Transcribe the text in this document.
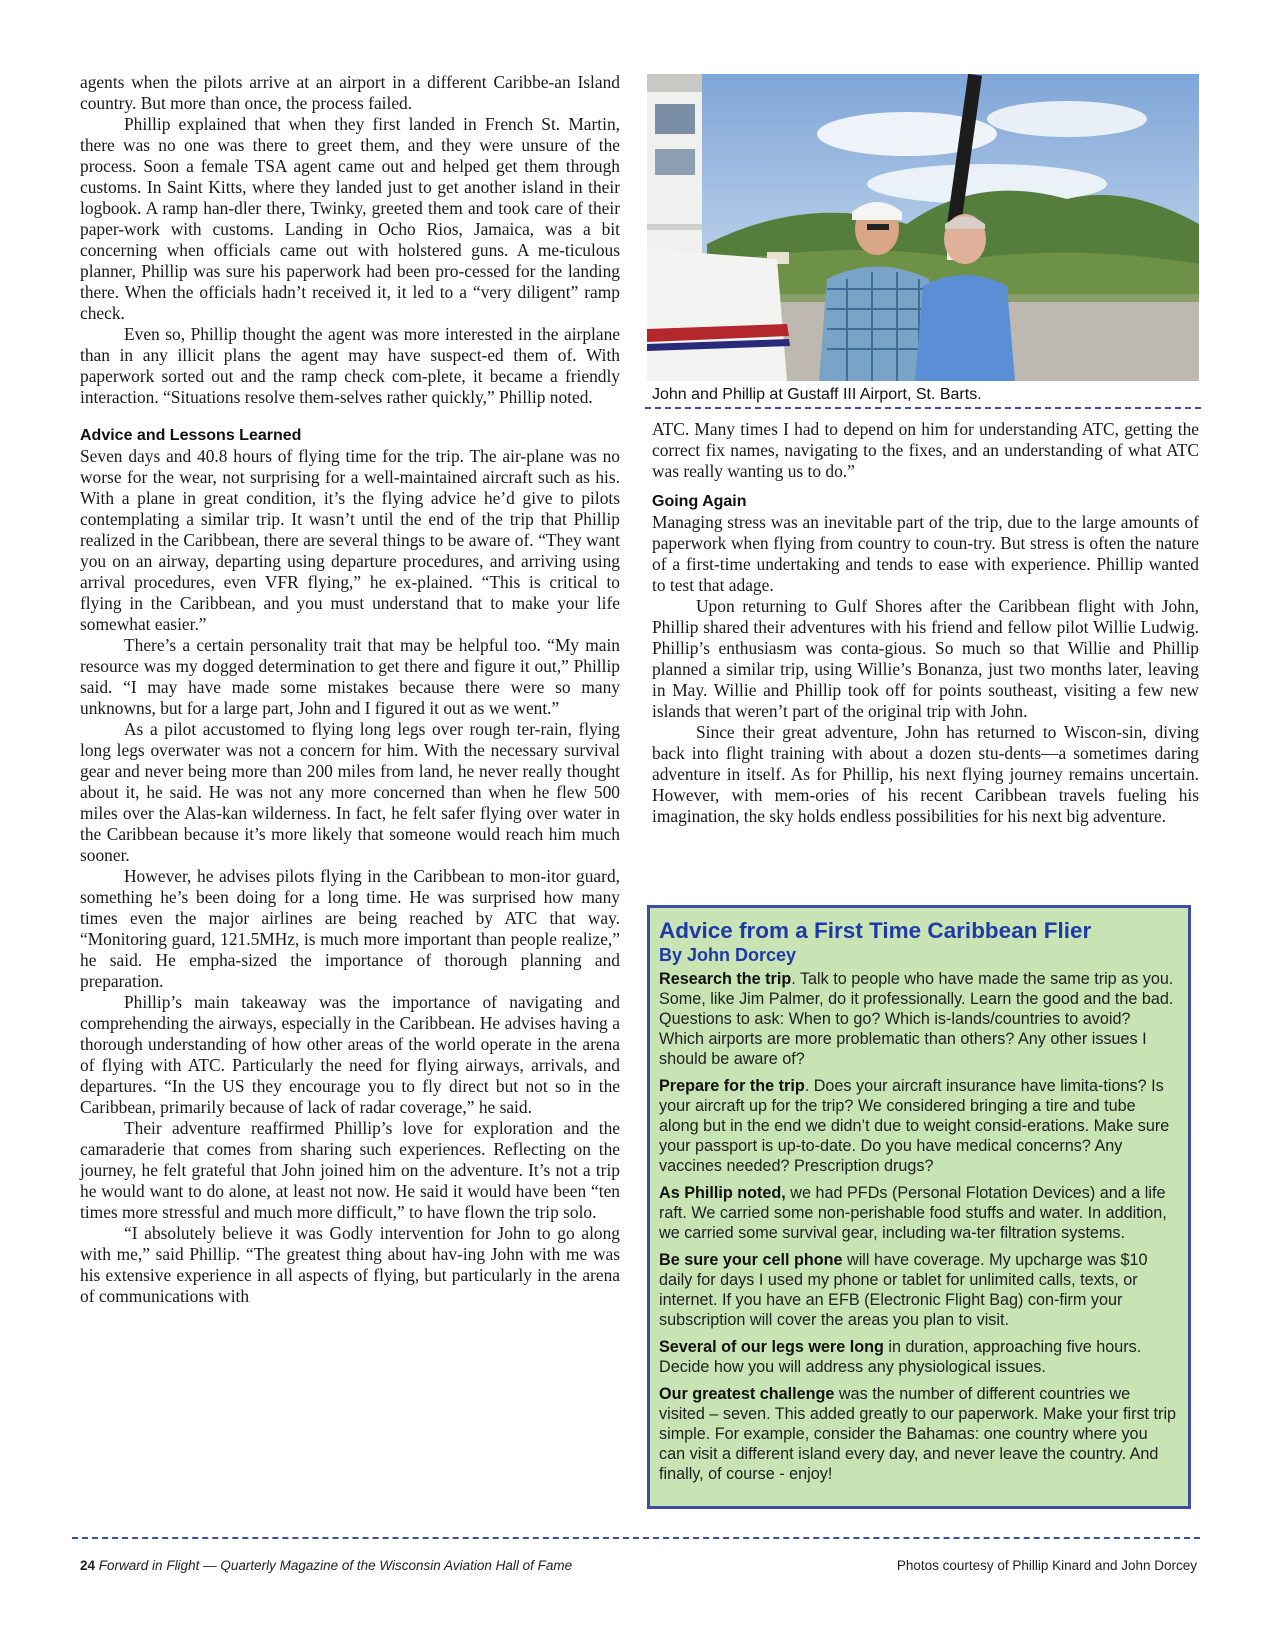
agents when the pilots arrive at an airport in a different Caribbe-an Island country. But more than once, the process failed.

Phillip explained that when they first landed in French St. Martin, there was no one was there to greet them, and they were unsure of the process. Soon a female TSA agent came out and helped get them through customs. In Saint Kitts, where they landed just to get another island in their logbook. A ramp han-dler there, Twinky, greeted them and took care of their paper-work with customs. Landing in Ocho Rios, Jamaica, was a bit concerning when officials came out with holstered guns. A me-ticulous planner, Phillip was sure his paperwork had been pro-cessed for the landing there. When the officials hadn’t received it, it led to a “very diligent” ramp check.

Even so, Phillip thought the agent was more interested in the airplane than in any illicit plans the agent may have suspect-ed them of. With paperwork sorted out and the ramp check com-plete, it became a friendly interaction. “Situations resolve them-selves rather quickly,” Phillip noted.

Advice and Lessons Learned

Seven days and 40.8 hours of flying time for the trip. The air-plane was no worse for the wear, not surprising for a well-maintained aircraft such as his. With a plane in great condition, it’s the flying advice he’d give to pilots contemplating a similar trip. It wasn’t until the end of the trip that Phillip realized in the Caribbean, there are several things to be aware of. “They want you on an airway, departing using departure procedures, and arriving using arrival procedures, even VFR flying,” he ex-plained. “This is critical to flying in the Caribbean, and you must understand that to make your life somewhat easier.”

There’s a certain personality trait that may be helpful too. “My main resource was my dogged determination to get there and figure it out,” Phillip said. “I may have made some mistakes because there were so many unknowns, but for a large part, John and I figured it out as we went.”

As a pilot accustomed to flying long legs over rough ter-rain, flying long legs overwater was not a concern for him. With the necessary survival gear and never being more than 200 miles from land, he never really thought about it, he said. He was not any more concerned than when he flew 500 miles over the Alas-kan wilderness. In fact, he felt safer flying over water in the Caribbean because it’s more likely that someone would reach him much sooner.

However, he advises pilots flying in the Caribbean to mon-itor guard, something he’s been doing for a long time. He was surprised how many times even the major airlines are being reached by ATC that way. “Monitoring guard, 121.5MHz, is much more important than people realize,” he said. He empha-sized the importance of thorough planning and preparation.

Phillip’s main takeaway was the importance of navigating and comprehending the airways, especially in the Caribbean. He advises having a thorough understanding of how other areas of the world operate in the arena of flying with ATC. Particularly the need for flying airways, arrivals, and departures. “In the US they encourage you to fly direct but not so in the Caribbean, primarily because of lack of radar coverage,” he said.

Their adventure reaffirmed Phillip’s love for exploration and the camaraderie that comes from sharing such experiences. Reflecting on the journey, he felt grateful that John joined him on the adventure. It’s not a trip he would want to do alone, at least not now. He said it would have been “ten times more stressful and much more difficult,” to have flown the trip solo.

“I absolutely believe it was Godly intervention for John to go along with me,” said Phillip. “The greatest thing about hav-ing John with me was his extensive experience in all aspects of flying, but particularly in the arena of communications with

John and Phillip at Gustaff III Airport, St. Barts.

ATC. Many times I had to depend on him for understanding ATC, getting the correct fix names, navigating to the fixes, and an understanding of what ATC was really wanting us to do.”

Going Again

Managing stress was an inevitable part of the trip, due to the large amounts of paperwork when flying from country to coun-try. But stress is often the nature of a first-time undertaking and tends to ease with experience. Phillip wanted to test that adage.

Upon returning to Gulf Shores after the Caribbean flight with John, Phillip shared their adventures with his friend and fellow pilot Willie Ludwig. Phillip’s enthusiasm was conta-gious. So much so that Willie and Phillip planned a similar trip, using Willie’s Bonanza, just two months later, leaving in May. Willie and Phillip took off for points southeast, visiting a few new islands that weren’t part of the original trip with John.

Since their great adventure, John has returned to Wiscon-sin, diving back into flight training with about a dozen stu-dents—a sometimes daring adventure in itself. As for Phillip, his next flying journey remains uncertain. However, with mem-ories of his recent Caribbean travels fueling his imagination, the sky holds endless possibilities for his next big adventure.

Advice from a First Time Caribbean Flier
By John Dorcey

Research the trip. Talk to people who have made the same trip as you. Some, like Jim Palmer, do it professionally. Learn the good and the bad. Questions to ask: When to go? Which is-lands/countries to avoid? Which airports are more problematic than others? Any other issues I should be aware of?

Prepare for the trip. Does your aircraft insurance have limita-tions? Is your aircraft up for the trip? We considered bringing a tire and tube along but in the end we didn’t due to weight consid-erations. Make sure your passport is up-to-date. Do you have medical concerns? Any vaccines needed? Prescription drugs?

As Phillip noted, we had PFDs (Personal Flotation Devices) and a life raft. We carried some non-perishable food stuffs and water. In addition, we carried some survival gear, including wa-ter filtration systems.

Be sure your cell phone will have coverage. My upcharge was $10 daily for days I used my phone or tablet for unlimited calls, texts, or internet. If you have an EFB (Electronic Flight Bag) con-firm your subscription will cover the areas you plan to visit.

Several of our legs were long in duration, approaching five hours. Decide how you will address any physiological issues.

Our greatest challenge was the number of different countries we visited – seven. This added greatly to our paperwork. Make your first trip simple. For example, consider the Bahamas: one country where you can visit a different island every day, and never leave the country. And finally, of course - enjoy!

24 Forward in Flight — Quarterly Magazine of the Wisconsin Aviation Hall of Fame	Photos courtesy of Phillip Kinard and John Dorcey
